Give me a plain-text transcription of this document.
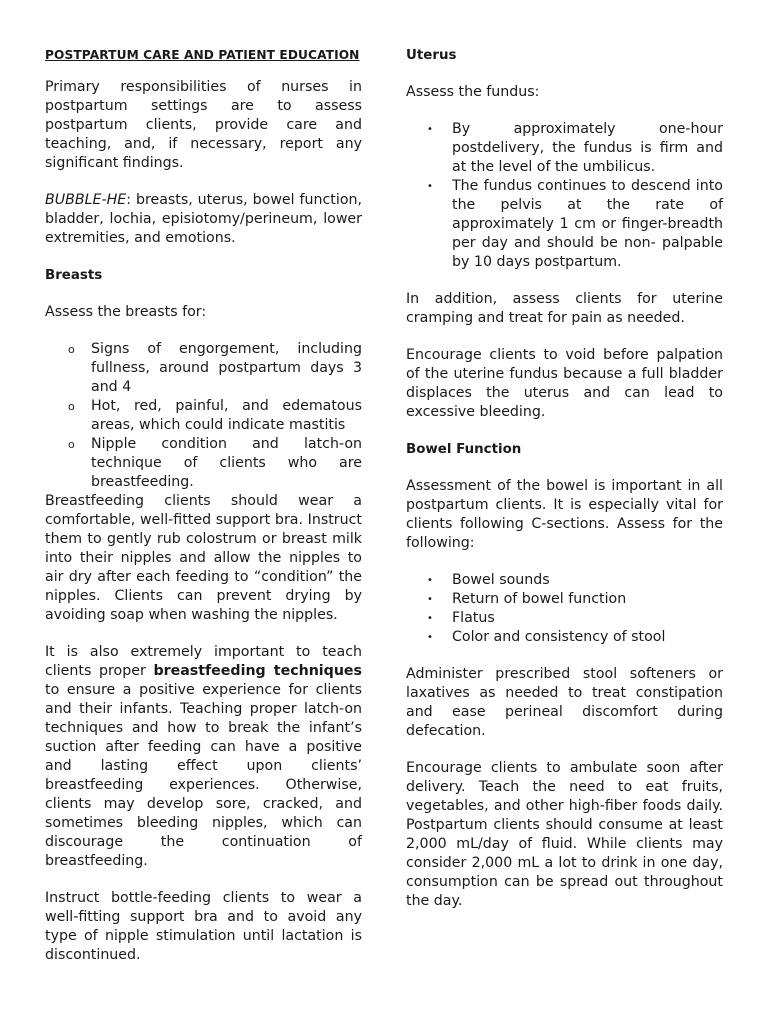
POSTPARTUM CARE AND PATIENT EDUCATION

Primary responsibilities of nurses in postpartum settings are to assess postpartum clients, provide care and teaching, and, if necessary, report any significant findings.

BUBBLE-HE: breasts, uterus, bowel function, bladder, lochia, episiotomy/perineum, lower extremities, and emotions.

Breasts

Assess the breasts for:

o Signs of engorgement, including fullness, around postpartum days 3 and 4
o Hot, red, painful, and edematous areas, which could indicate mastitis
o Nipple condition and latch-on technique of clients who are breastfeeding.

Breastfeeding clients should wear a comfortable, well-fitted support bra. Instruct them to gently rub colostrum or breast milk into their nipples and allow the nipples to air dry after each feeding to “condition” the nipples. Clients can prevent drying by avoiding soap when washing the nipples.

It is also extremely important to teach clients proper breastfeeding techniques to ensure a positive experience for clients and their infants. Teaching proper latch-on techniques and how to break the infant’s suction after feeding can have a positive and lasting effect upon clients’ breastfeeding experiences. Otherwise, clients may develop sore, cracked, and sometimes bleeding nipples, which can discourage the continuation of breastfeeding.

Instruct bottle-feeding clients to wear a well-fitting support bra and to avoid any type of nipple stimulation until lactation is discontinued.

Uterus

Assess the fundus:

• By approximately one-hour postdelivery, the fundus is firm and at the level of the umbilicus.
• The fundus continues to descend into the pelvis at the rate of approximately 1 cm or finger-breadth per day and should be non- palpable by 10 days postpartum.

In addition, assess clients for uterine cramping and treat for pain as needed.

Encourage clients to void before palpation of the uterine fundus because a full bladder displaces the uterus and can lead to excessive bleeding.

Bowel Function

Assessment of the bowel is important in all postpartum clients. It is especially vital for clients following C-sections. Assess for the following:

• Bowel sounds
• Return of bowel function
• Flatus
• Color and consistency of stool

Administer prescribed stool softeners or laxatives as needed to treat constipation and ease perineal discomfort during defecation.

Encourage clients to ambulate soon after delivery. Teach the need to eat fruits, vegetables, and other high-fiber foods daily. Postpartum clients should consume at least 2,000 mL/day of fluid. While clients may consider 2,000 mL a lot to drink in one day, consumption can be spread out throughout the day.
